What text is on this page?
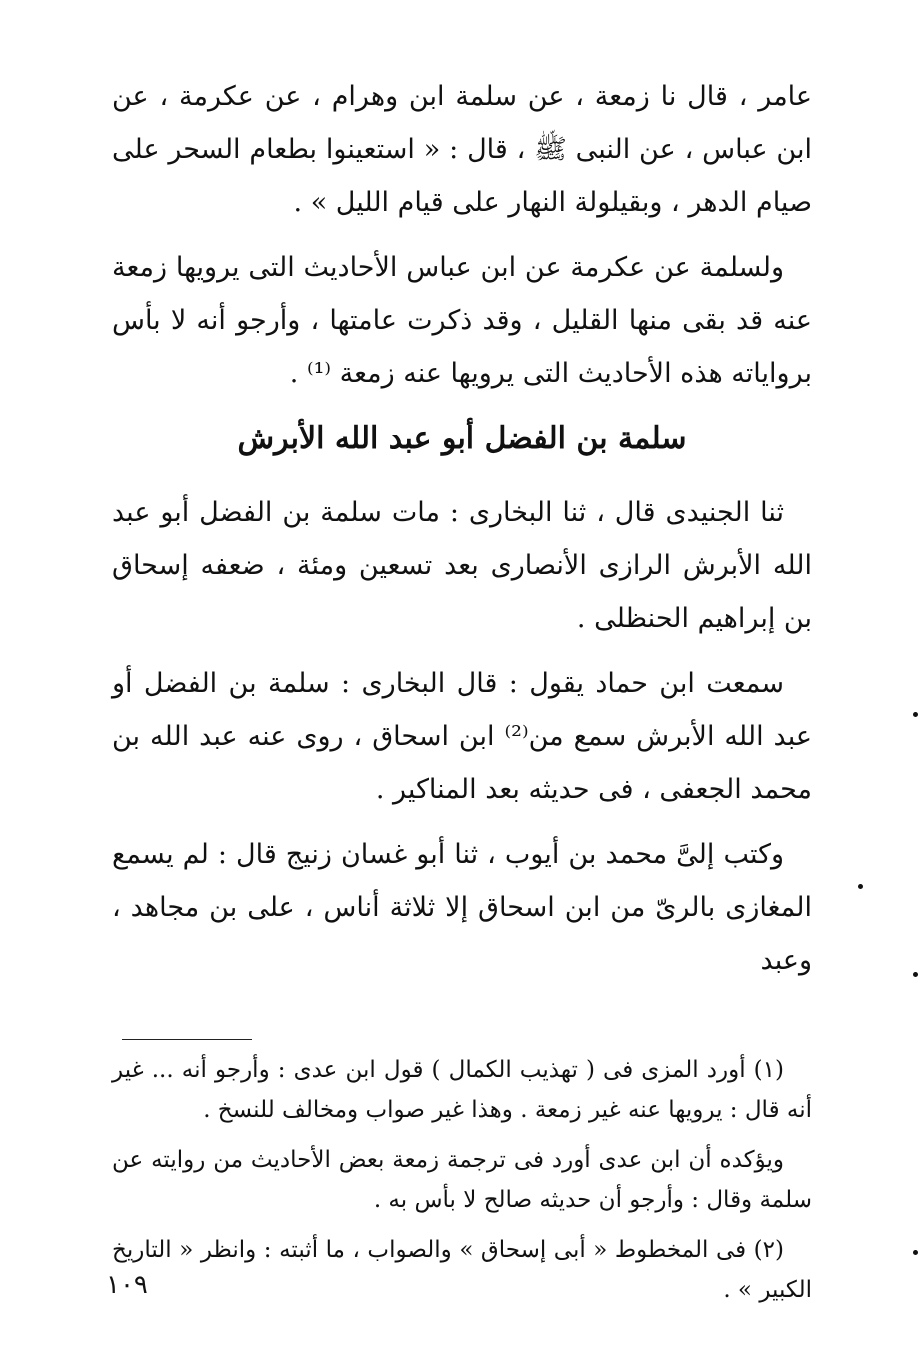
عامر ، قال نا زمعة ، عن سلمة ابن وهرام ، عن عكرمة ، عن ابن عباس ، عن النبى ﷺ ، قال : « استعينوا بطعام السحر على صيام الدهر ، وبقيلولة النهار على قيام الليل » .

ولسلمة عن عكرمة عن ابن عباس الأحاديث التى يرويها زمعة عنه قد بقى منها القليل ، وقد ذكرت عامتها ، وأرجو أنه لا بأس برواياته هذه الأحاديث التى يرويها عنه زمعة ⁽¹⁾ .

سلمة بن الفضل أبو عبد الله الأبرش

ثنا الجنيدى قال ، ثنا البخارى : مات سلمة بن الفضل أبو عبد الله الأبرش الرازى الأنصارى بعد تسعين ومئة ، ضعفه إسحاق بن إبراهيم الحنظلى .

سمعت ابن حماد يقول : قال البخارى : سلمة بن الفضل أو عبد الله الأبرش سمع من⁽²⁾ ابن اسحاق ، روى عنه عبد الله بن محمد الجعفى ، فى حديثه بعد المناكير .

وكتب إلىَّ محمد بن أيوب ، ثنا أبو غسان زنيج قال : لم يسمع المغازى بالرىّ من ابن اسحاق إلا ثلاثة أناس ، على بن مجاهد ، وعبد

(١) أورد المزى فى ( تهذيب الكمال ) قول ابن عدى : وأرجو أنه ... غير أنه قال : يرويها عنه غير زمعة . وهذا غير صواب ومخالف للنسخ .

ويؤكده أن ابن عدى أورد فى ترجمة زمعة بعض الأحاديث من روايته عن سلمة وقال : وأرجو أن حديثه صالح لا بأس به .

(٢) فى المخطوط « أبى إسحاق » والصواب ، ما أثبته : وانظر « التاريخ الكبير » .

١٠٩
